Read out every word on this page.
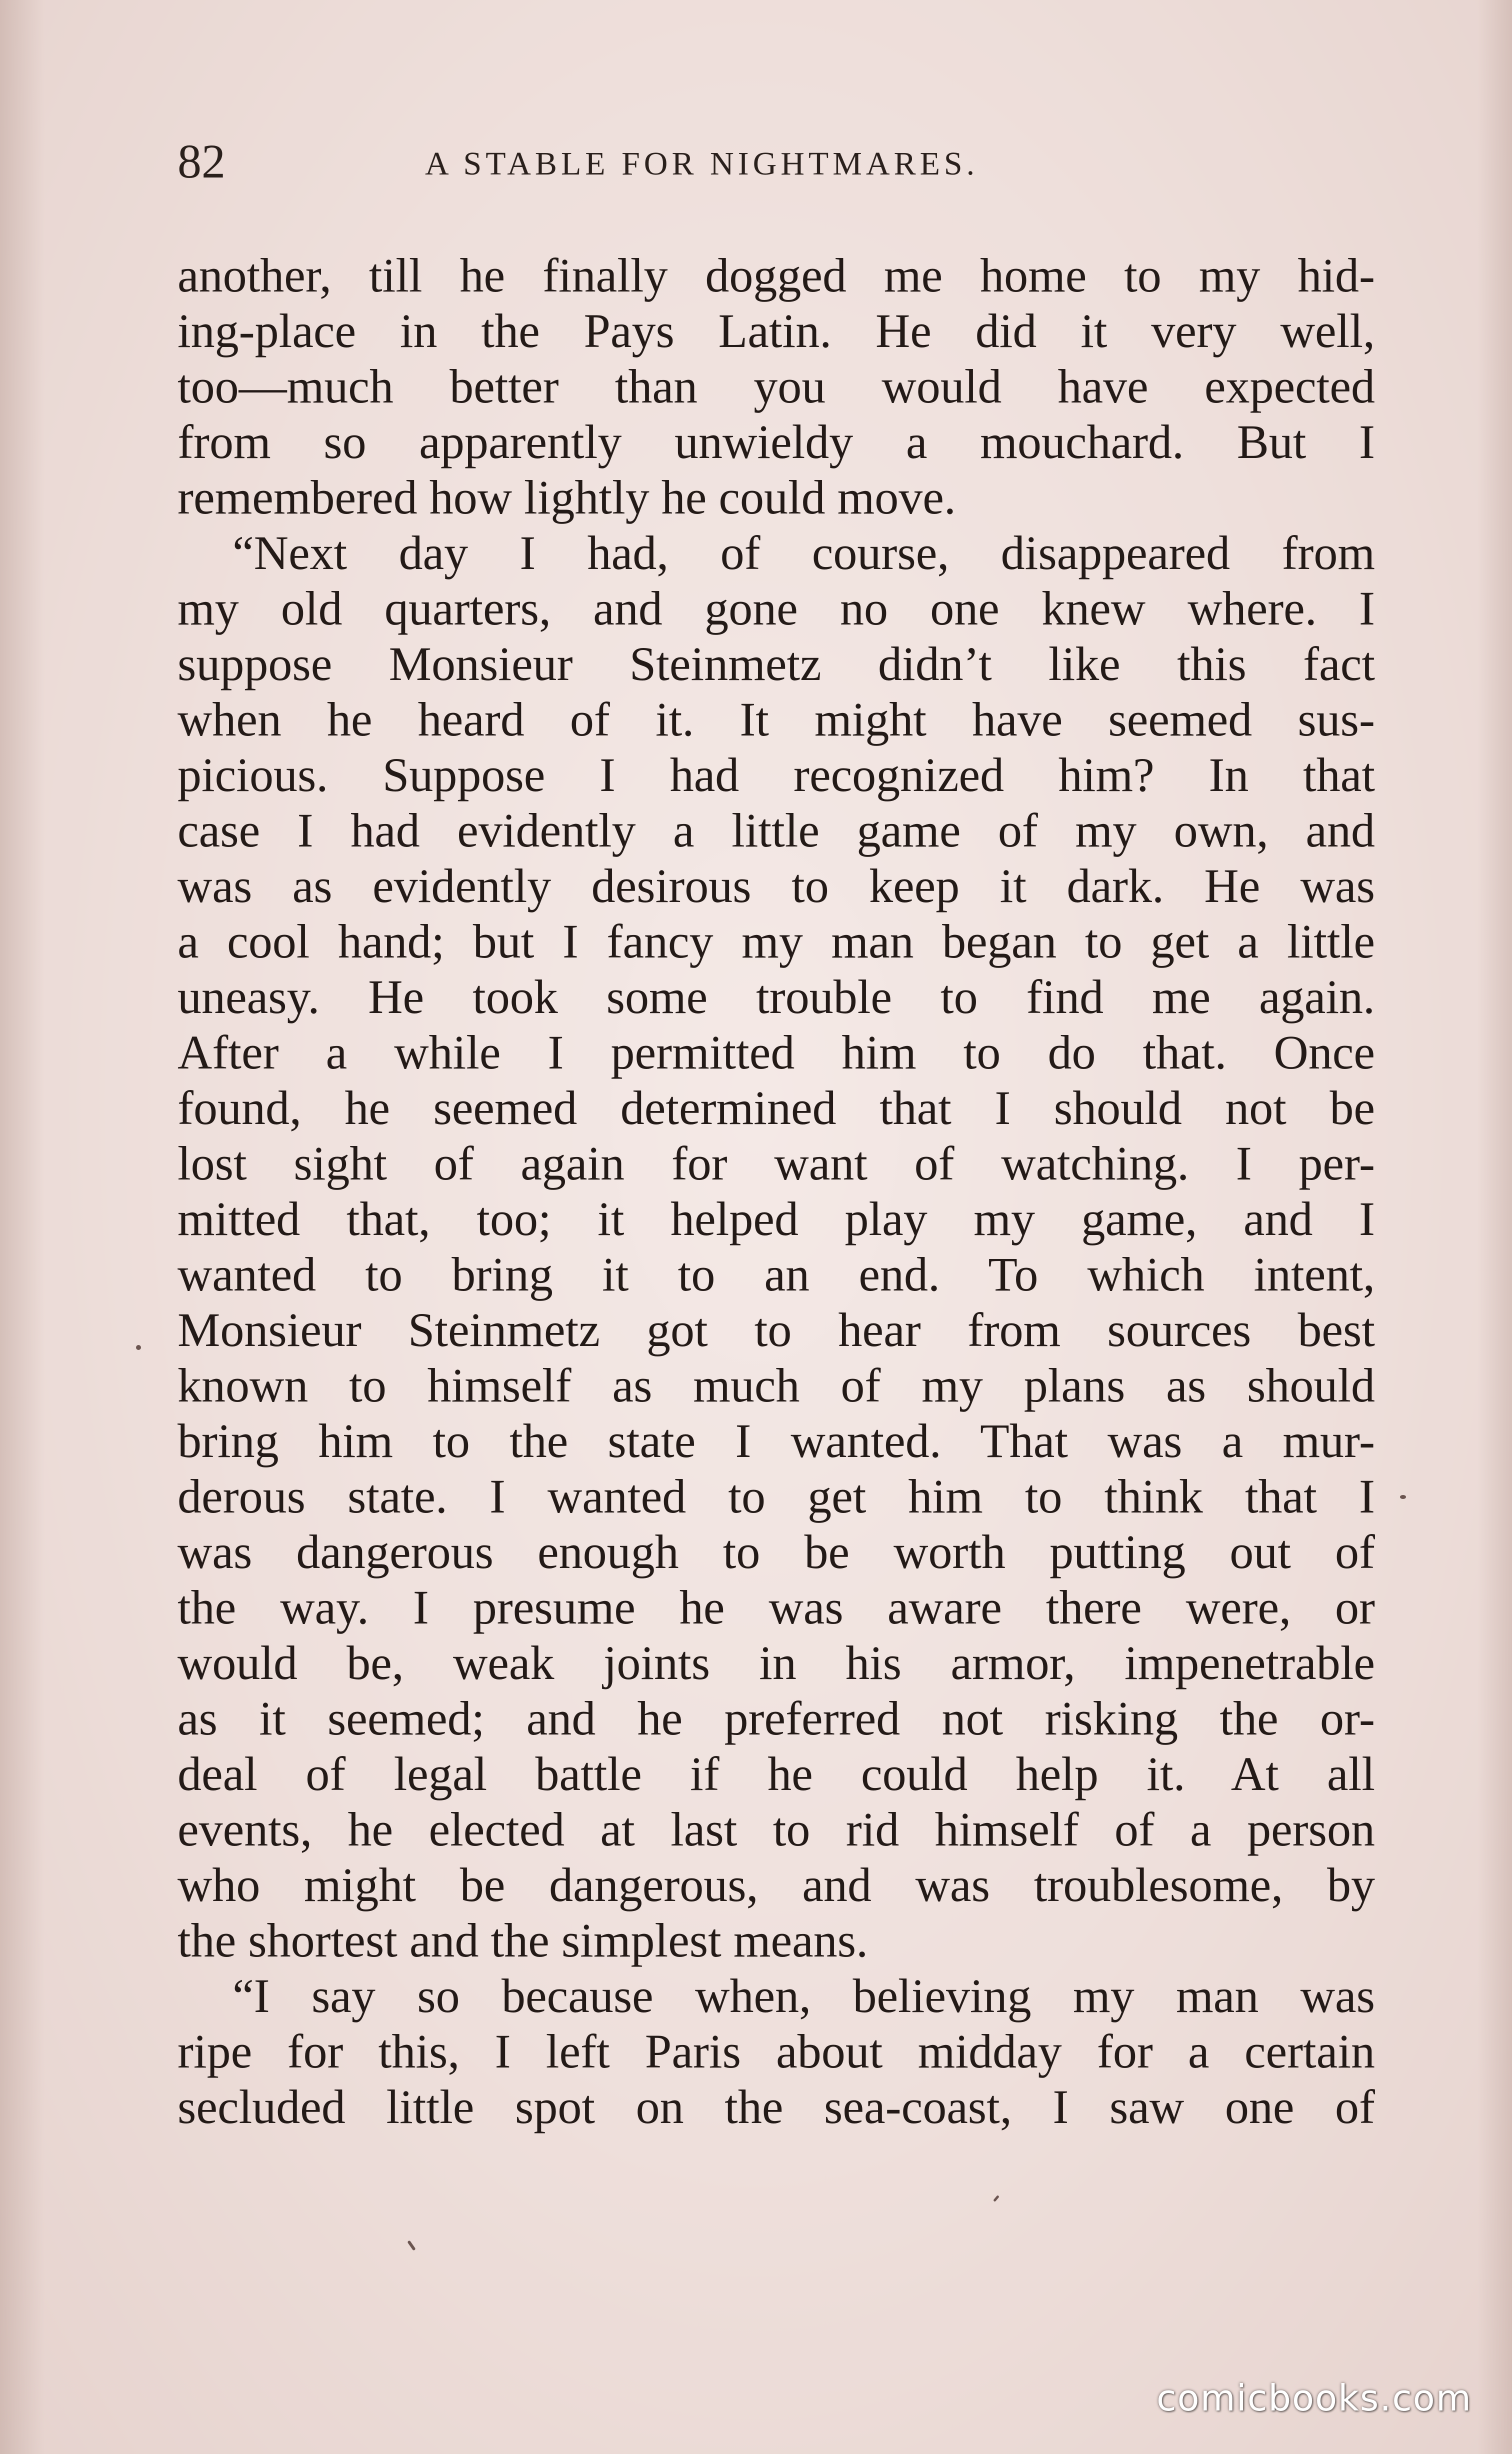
82	A STABLE FOR NIGHTMARES.
another, till he finally dogged me home to my hid-
ing-place in the Pays Latin. He did it very well,
too—much better than you would have expected
from so apparently unwieldy a mouchard. But I
remembered how lightly he could move.
“Next day I had, of course, disappeared from
my old quarters, and gone no one knew where. I
suppose Monsieur Steinmetz didn’t like this fact
when he heard of it. It might have seemed sus-
picious. Suppose I had recognized him? In that
case I had evidently a little game of my own, and
was as evidently desirous to keep it dark. He was
a cool hand; but I fancy my man began to get a little
uneasy. He took some trouble to find me again.
After a while I permitted him to do that. Once
found, he seemed determined that I should not be
lost sight of again for want of watching. I per-
mitted that, too; it helped play my game, and I
wanted to bring it to an end. To which intent,
Monsieur Steinmetz got to hear from sources best
known to himself as much of my plans as should
bring him to the state I wanted. That was a mur-
derous state. I wanted to get him to think that I
was dangerous enough to be worth putting out of
the way. I presume he was aware there were, or
would be, weak joints in his armor, impenetrable
as it seemed; and he preferred not risking the or-
deal of legal battle if he could help it. At all
events, he elected at last to rid himself of a person
who might be dangerous, and was troublesome, by
the shortest and the simplest means.
“I say so because when, believing my man was
ripe for this, I left Paris about midday for a certain
secluded little spot on the sea-coast, I saw one of
comicbooks.com
